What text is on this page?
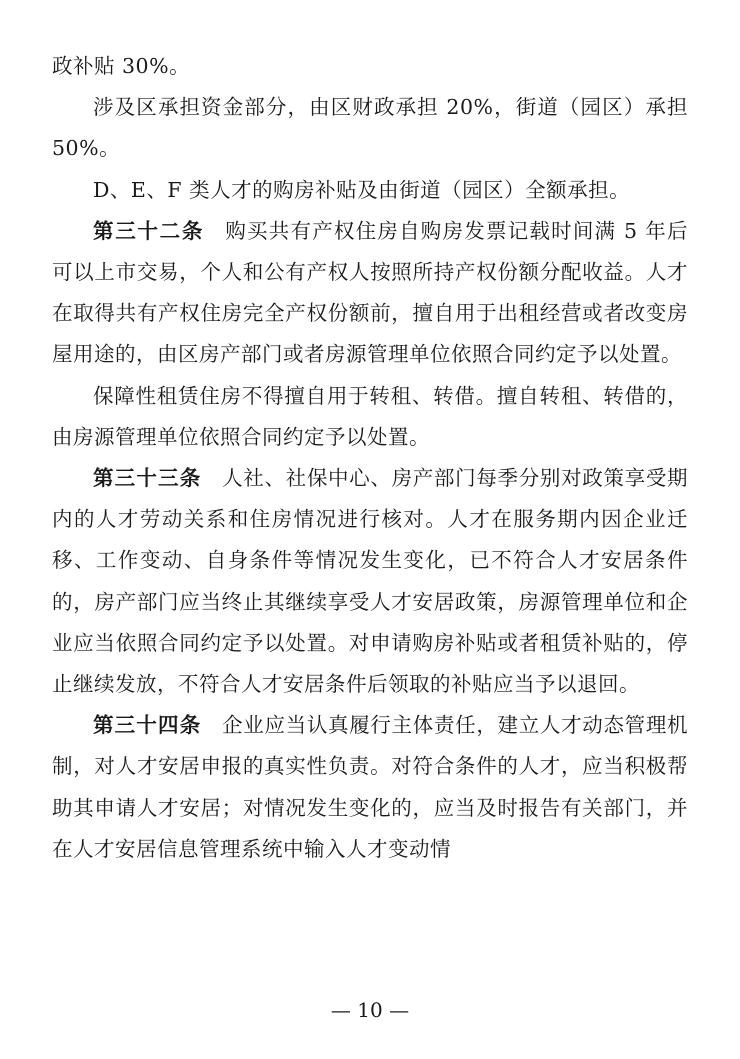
政补贴 30%。

涉及区承担资金部分，由区财政承担 20%，街道（园区）承担 50%。

D、E、F 类人才的购房补贴及由街道（园区）全额承担。

第三十二条 购买共有产权住房自购房发票记载时间满 5 年后可以上市交易，个人和公有产权人按照所持产权份额分配收益。人才在取得共有产权住房完全产权份额前，擅自用于出租经营或者改变房屋用途的，由区房产部门或者房源管理单位依照合同约定予以处置。

保障性租赁住房不得擅自用于转租、转借。擅自转租、转借的，由房源管理单位依照合同约定予以处置。

第三十三条 人社、社保中心、房产部门每季分别对政策享受期内的人才劳动关系和住房情况进行核对。人才在服务期内因企业迁移、工作变动、自身条件等情况发生变化，已不符合人才安居条件的，房产部门应当终止其继续享受人才安居政策，房源管理单位和企业应当依照合同约定予以处置。对申请购房补贴或者租赁补贴的，停止继续发放，不符合人才安居条件后领取的补贴应当予以退回。

第三十四条 企业应当认真履行主体责任，建立人才动态管理机制，对人才安居申报的真实性负责。对符合条件的人才，应当积极帮助其申请人才安居；对情况发生变化的，应当及时报告有关部门，并在人才安居信息管理系统中输入人才变动情

— 10 —
